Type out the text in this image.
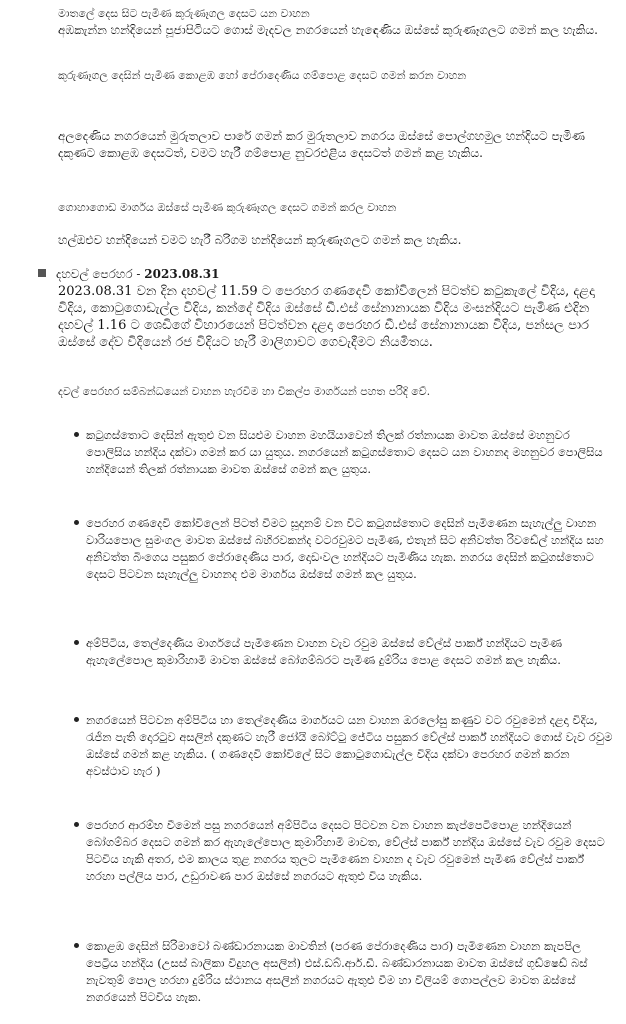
මාතලේ දෙස සිට පැමිණ කුරුණෑගල දෙසට යන වාහන

අඹකැන්න හන්දියෙන් පූජාපිටියට ගොස් මැදවල නගරයෙන් හැඳෙණිය ඔස්සේ කුරුණෑගලට ගමන් කල හැකිය.

කුරුණෑගල දෙසින් පැමිණ කොළඹ හෝ පේරාදෙණිය ගම්පොළ දෙසට ගමන් කරන වාහන

අලදෙණිය නගරයෙන් මුරුතලාව පාරේ ගමන් කර මුරුතලාව නගරය ඔස්සේ පොල්ගහමුල හන්දියට පැමිණ දකුණට කොළඹ දෙසටත්, වමට හැරී ගම්පොළ නුවරඑළිය දෙසටත් ගමන් කළ හැකිය.

ගොහාගොඩ මාර්ගය ඔස්සේ පැමිණ කුරුණෑගල දෙසට ගමන් කරල වාහන

හල්ඔළුව හන්දියෙන් වමට හැරී බරිගම හන්දියෙන් කුරුණෑගලට ගමන් කල හැකිය.

දහවල් පෙරහර - 2023.08.31

2023.08.31 වන දින දහවල් 11.59 ට පෙරහර ගණදෙවි කෝවිලෙන් පිටත්ව කටුකැලේ විදිය, දළදා විදිය, කොටුගොඩැල්ල විදිය, කන්දේ විදිය ඔස්සේ ඩී.එස් සේනානායක විදිය මංසන්දියට පැමිණ එදින දහවල් 1.16 ට ශෙඩිගේ විහාරයෙන් පිටත්වන දළදා පෙරහර ඩී.එස් සේනානායක විදිය, පන්සල පාර ඔස්සේ දේව විදියෙන් රජ විදියට හැරී මාලිගාවට ගෙවැදීමට නියමිතය.

දවල් පෙරහර සම්බන්ධයෙන් වාහන හැරවීම හා විකල්ප මාර්ගයන් පහත පරිදි වේ.

කටුගස්තොට දෙසින් ඇතුළු වන සියළුම වාහන මහයියාවෙන් තිලක් රත්නායක මාවත ඔස්සේ මහනුවර පොලිසිය හන්දිය දක්වා ගමන් කර යා යුතුය. නගරයෙන් කටුගස්තොට දෙසට යන වාහනද මහනුවර පොලිසිය හන්දියෙන් තිලක් රත්නායක මාවත ඔස්සේ ගමන් කල යුතුය.

පෙරහර ගණදෙවි කෝවිලෙන් පිටත් වීමට සූදානම් වන විට කටුගස්තොට දෙසින් පැමිණෙන සැහැල්ලු වාහන වාරියපොල සුමංගල මාවත ඔස්සේ බහිරවකන්ද වටරවුමට පැමිණ, එතැන් සිට අනිවත්ත රිවඩේල් හන්දිය සහ අනිවත්ත බිංගෙය පසුකර පේරාදෙණිය පාර, දොඩංවල හන්දියට පැමිණිය හැක. නගරය දෙසින් කටුගස්තොට දෙසට පිටවන සැහැල්ලු වාහනද එම මාර්ගය ඔස්සේ ගමන් කල යුතුය.

අම්පිටිය, තෙල්දෙණිය මාර්ගයේ පැමිණෙන වාහන වැව රවුම ඔස්සේ වේල්ස් පාර්ක් හන්දියට පැමිණ ඇහැලේපොල කුමාරිහාමි මාවත ඔස්සේ බෝගම්බරට පැමිණ දුම්රිය පොළ දෙසට ගමන් කල හැකිය.

නගරයෙන් පිටවන අම්පිටිය හා තෙල්දෙණිය මාර්ගයට යන වාහන ඔරලෝසු කණුව වට රවුමෙන් දළදා විදිය, රැජින පැති දොරටුව අසලින් දකුණට හැරී ජෝයි බෝට්ටු ජේටිය පසුකර වේල්ස් පාර්ක් හන්දියට ගොස් වැව රවුම ඔස්සේ ගමන් කළ හැකිය. ( ගණදෙවි කෝවිලේ සිට කොටුගොඩැල්ල විදිය දක්වා පෙරහර ගමන් කරන අවස්ථාව හැර )

පෙරහර ආරම්භ වීමෙන් පසු නගරයෙන් අම්පිටිය දෙසට පිටවන වන වාහන කැප්පෙටිපොළ හන්දියෙන් බෝගම්බර දෙසට ගමන් කර ඇහැලේපොල කුමාරිහාමි මාවත, වේල්ස් පාර්ක් හන්දිය ඔස්සේ වැව රවුම දෙසට පිටවිය හැකි අතර, එම කාලය තුළ නගරය තුලට පැමිණෙන වාහන ද වැව රවුමෙන් පැමිණ වේල්ස් පාර්ක් හරහා පල්ලිය පාර, උඩුරාවණ පාර ඔස්සේ නගරයට ඇතුළු විය හැකිය.

කොළඹ දෙසින් සිරිමාවෝ බණ්ඩාරනායක මාවතින් (පරණ පේරාදෙණිය පාර) පැමිණෙන වාහන කැපපිල පෙට්‍රිය හන්දිය (උසස් බාලිකා විදුහල අසලින්) එස්.ඩබ්.ආර්.ඩී. බණ්ඩාරනායක මාවත ඔස්සේ ගුඩ්ෂෙඩ් බස් නැවතුම් පොල හරහා දුම්රිය ස්ථානය අසලින් නගරයට ඇතුළු වීම හා විලියම් ගොපල්ලව මාවත ඔස්සේ නගරයෙන් පිටවිය හැක.
